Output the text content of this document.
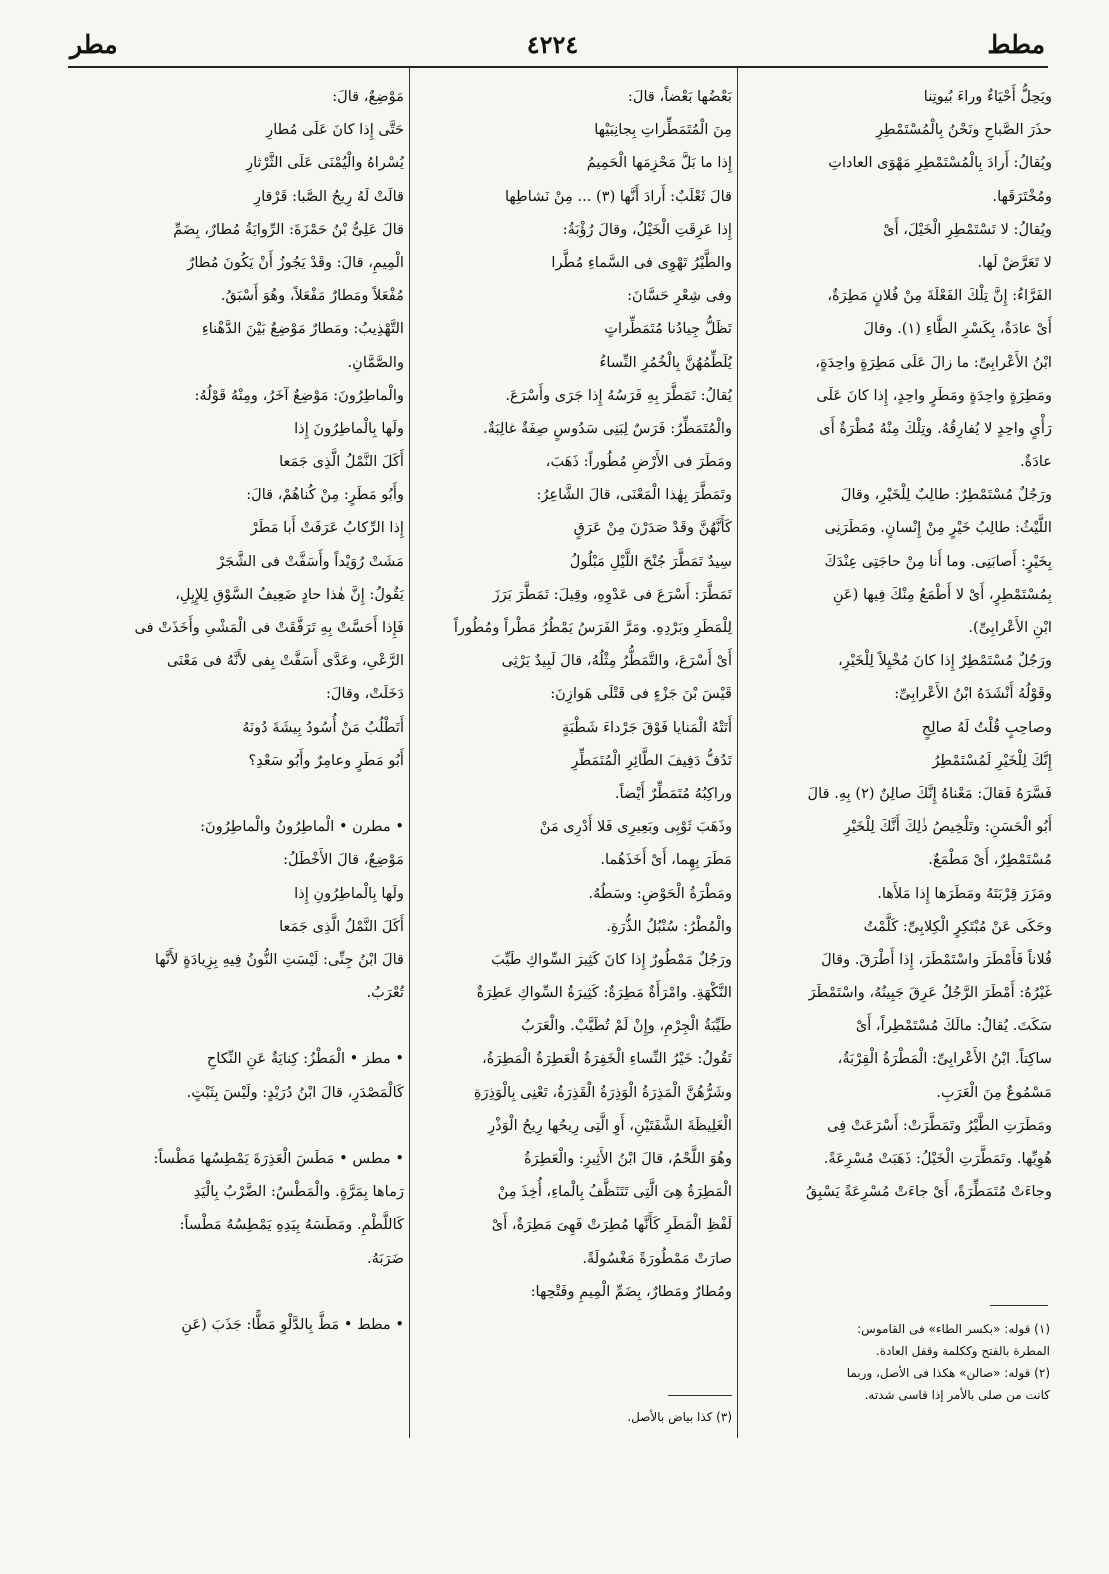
مطر	٤٢٢٤	مطط
ويَحِلُّ أَحْيَاءٌ وراءَ بُيوتِنا
حذَرَ الصَّباحِ ونَحْنُ بِالْمُسْتَمْطِرِ
ويُقالُ: أَرادَ بِالْمُسْتَمْطِرِ مَهْوَى العاداتِ
ومُخْتَرَقَها.
ويُقالُ: لا تَسْتَمْطِرِ الْخَيْلَ، أَىْ
لا تَعَرَّضْ لَها.
الفَرَّاءُ: إِنَّ تِلْكَ الفَعْلَةَ مِنْ فُلانٍ مَطِرَةٌ،
أَىْ عادَةٌ، بِكَسْرِ الطَّاءِ (١). وقالَ
ابْنُ الأَعْرابِىِّ: ما زالَ عَلَى مَطِرَةٍ واحِدَةٍ،
ومَطِرَةٍ واحِدَةٍ ومَطَرٍ واحِدٍ، إِذا كانَ عَلَى
رَأْىٍ واحِدٍ لا يُفارِقُهُ. وتِلْكَ مِنْهُ مُطْرَةٌ أَى
عادَةٌ.
ورَجُلٌ مُسْتَمْطِرٌ: طالِبٌ لِلْخَيْرِ، وقالَ
اللَّيْثُ: طالِبُ خَيْرٍ مِنْ إِنْسانٍ. ومَطَرَنِى
بِخَيْرٍ: أَصابَنِى. وما أَنا مِنْ حاجَتِى عِنْدَكَ
بِمُسْتَمْطِرٍ، أَىْ لا أَطْمَعُ مِنْكَ فِيها (عَنِ
ابْنِ الأَعْرابِىِّ).
ورَجُلٌ مُسْتَمْطِرٌ إِذا كانَ مُخْيِلاً لِلْخَيْرِ،
وقَوْلُهُ أَنْشَدَهُ ابْنُ الأَعْرابِىِّ:
وصاحِبٍ قُلْتُ لَهُ صالِحٍ
إِنَّكَ لِلْخَيْرِ لَمُسْتَمْطِرُ
فَسَّرَهُ فَقالَ: مَعْناهُ إِنَّكَ صالِنٌ (٢) بِهِ. قالَ
أَبُو الْحَسَنِ: وتَلْخِيصُ ذٰلِكَ أَنَّكَ لِلْخَيْرِ
مُسْتَمْطِرٌ، أَىْ مَطْمَعٌ.
ومَزَرَ قِرْبَتَهُ ومَطَرَها إِذا مَلأَها.
وحَكَى عَنْ مُبْتَكِرٍ الْكِلابِىِّ: كَلَّمْتُ
فُلاناً فَأَمْطَرَ واسْتَمْطَرَ، إِذا أَطْرَقَ. وقالَ
غَيْرُهُ: أَمْطَرَ الرَّجُلُ عَرِقَ جَبِينُهُ، واسْتَمْطَرَ
سَكَتَ. يُقالُ: مالَكَ مُسْتَمْطِراً، أَىْ
ساكِتاً. ابْنُ الأَعْرابِىِّ: الْمَطْرَةُ الْقِرْبَةُ،
مَسْمُوعٌ مِنَ الْعَرَبِ.
ومَطَرَتِ الطَّيْرُ وتَمَطَّرَتْ: أَسْرَعَتْ فِى
هُوِيِّها. وتَمَطَّرَتِ الْخَيْلُ: ذَهَبَتْ مُسْرِعَةً.
وجاءَتْ مُتَمَطِّرَةً، أَىْ جاءَتْ مُسْرِعَةً يَسْبِقُ
بَعْضُها بَعْضاً، قالَ:
مِنَ الْمُتَمَطِّراتِ بِجانِبَيْها
إِذا ما بَلَّ مَحْزِمَها الْحَمِيمُ
قالَ ثَعْلَبٌ: أَرادَ أَنَّها (٣) ... مِنْ نَشاطِها
إِذا عَرِقَتِ الْخَيْلُ، وقالَ رُؤْبَةُ:
والطَّيْرُ تَهْوِى فى السَّماءِ مُطَّرا
وفى شِعْرِ حَسَّانَ:
تَظَلُّ جِيادُنا مُتَمَطِّراتٍ
يُلَطِّمُهُنَّ بِالْخُمُرِ النِّساءُ
يُقالُ: تَمَطَّرَ بِهِ فَرَسُهُ إِذا جَرَى وأَسْرَعَ.
والْمُتَمَطِّرُ: فَرَسٌ لِبَنِى سَدُوسٍ صِفَةٌ غالِبَةٌ.
ومَطَرَ فى الأَرْضِ مُطُوراً: ذَهَبَ،
وتَمَطَّرَ بِهٰذا الْمَعْنَى، قالَ الشَّاعِرُ:
كَأَنَّهُنَّ وقَدْ صَدَرْنَ مِنْ عَرَقٍ
سِيدٌ تَمَطَّرَ جُنْحَ اللَّيْلِ مَبْلُولُ
تَمَطَّرَ: أَسْرَعَ فى عَدْوِهِ، وقِيلَ: تَمَطَّرَ بَرَزَ
لِلْمَطَرِ وبَرْدِهِ. ومَرَّ الفَرَسُ يَمْطُرُ مَطْراً ومُطُوراً
أَىْ أَسْرَعَ، والتَّمَطُّرُ مِثْلُهُ، قالَ لَبِيدٌ يَرْثِى
قَيْسَ بْنَ جَزْءٍ فى قَتْلَى هَوازِنَ:
أَتَتْهُ الْمَنايا فَوْقَ جَرْداءَ شَطْبَةٍ
تَدُفُّ دَفِيفَ الطَّائِرِ الْمُتَمَطِّرِ
وراكِبُهُ مُتَمَطِّرٌ أَيْضاً.
وذَهَبَ ثَوْبِى وبَعِيرِى فَلا أَدْرِى مَنْ
مَطَرَ بِهِما، أَىْ أَخَذَهُما.
ومَطْرَةُ الْحَوْضِ: وسَطُهُ.
والْمُطْرُ: سُنْبُلُ الذُّرَةِ.
ورَجُلٌ مَمْطُورٌ إِذا كانَ كَثِيرَ السِّواكِ طَيِّبَ
النَّكْهَةِ. وامْرَأَةٌ مَطِرَةٌ: كَثِيرَةُ السِّواكِ عَطِرَةٌ
طَيِّبَةُ الْجِرْمِ، وإِنْ لَمْ تُطَيَّبْ. والْعَرَبُ
تَقُولُ: خَيْرُ النِّساءِ الْخَفِرَةُ الْعَطِرَةُ الْمَطِرَةُ،
وشَرُّهُنَّ الْمَذِرَةُ الْوَذِرَةُ الْقَذِرَةُ، تَعْنِى بِالْوَذِرَةِ
الْغَلِيظَةَ الشَّفَتَيْنِ، أَوِ الَّتِى رِيحُها رِيحُ الْوَذْرِ
وهُوَ اللَّحْمُ، قالَ ابْنُ الأَثِيرِ: والْعَطِرَةُ
الْمَطِرَةُ هِىَ الَّتِى تَتَنَظَّفُ بِالْماءِ، أُخِذَ مِنْ
لَفْظِ الْمَطَرِ كَأَنَّها مُطِرَتْ فَهِىَ مَطِرَةٌ، أَىْ
صارَتْ مَمْطُورَةً مَغْسُولَةً.
ومُطارٌ ومَطارٌ، بِضَمِّ الْمِيمِ وفَتْحِها:
مَوْضِعٌ، قالَ:
حَتَّى إِذا كانَ عَلَى مُطارِ
يُسْراهُ والْيُمْنَى عَلَى الثَّرْثارِ
قالَتْ لَهُ رِيحُ الصَّبا: قَرْقارِ
قالَ عَلِىُّ بْنُ حَمْزَةَ: الرِّوايَةُ مُطارٌ، بِضَمِّ
الْمِيمِ، قالَ: وقَدْ يَجُوزُ أَنْ يَكُونَ مُطارٌ
مُفْعَلاً ومَطارٌ مَفْعَلاً، وهُوَ أَسْبَقُ.
التَّهْذِيبُ: ومَطارٌ مَوْضِعٌ بَيْنَ الدَّهْناءِ
والصَّمَّانِ.
والْماطِرُونَ: مَوْضِعٌ آخَرُ، ومِنْهُ قَوْلُهُ:
ولَها بِالْماطِرُونَ إِذا
أَكَلَ النَّمْلُ الَّذِى جَمَعا
وأَبُو مَطَرٍ: مِنْ كُناهُمْ، قالَ:
إِذا الرِّكابُ عَرَفَتْ أَبا مَطَرْ
مَشَتْ رُوَيْداً وأَسَفَّتْ فى الشَّجَرْ
يَقُولُ: إِنَّ هٰذا حادٍ ضَعِيفُ السَّوْقِ لِلإِبِلِ،
فَإِذا أَحَسَّتْ بِهِ تَرَفَّقَتْ فى الْمَشْىِ وأَخَذَتْ فى
الرَّعْىِ، وعَدَّى أَسَفَّتْ بِفى لأَنَّهُ فى مَعْنَى
دَخَلَتْ، وقالَ:
أَتَطْلُبُ مَنْ أُسُودُ بِيشَةَ دُونَهُ
أَبُو مَطَرٍ وعامِرٌ وأَبُو سَعْدِ؟
• مطرن • الْماطِرُونُ والْماطِرُونَ:
مَوْضِعٌ، قالَ الأَخْطَلُ:
ولَها بِالْماطِرُونِ إِذا
أَكَلَ النَّمْلُ الَّذِى جَمَعا
قالَ ابْنُ جِنِّى: لَيْسَتِ النُّونُ فِيهِ بِزِيادَةٍ لأَنَّها
تُعْرَبُ.
• مطز • الْمَطْزُ: كِنايَةٌ عَنِ النِّكاحِ
كَالْمَصْدَرِ، قالَ ابْنُ دُرَيْدٍ: ولَيْسَ بِثَبْتٍ.
• مطس • مَطَسَ الْعَذِرَةَ يَمْطِسُها مَطْساً:
رَماها بِمَرَّةٍ. والْمَطْسُ: الضَّرْبُ بِالْيَدِ
كَاللَّطْمِ. ومَطَسَهُ بِيَدِهِ يَمْطِسُهُ مَطْساً:
ضَرَبَهُ.
• مطط • مَطَّ بِالدَّلْوِ مَطًّا: جَذَبَ (عَنِ	(١) قوله: «بكسر الطاء» فى القاموس:
المطرة بالفتح وككلمة وقفل العادة.
(٢) قوله: «صالن» هكذا فى الأصل، وربما
كانت من صلى بالأمر إذا قاسى شدته.
(٣) كذا بياض بالأصل.
